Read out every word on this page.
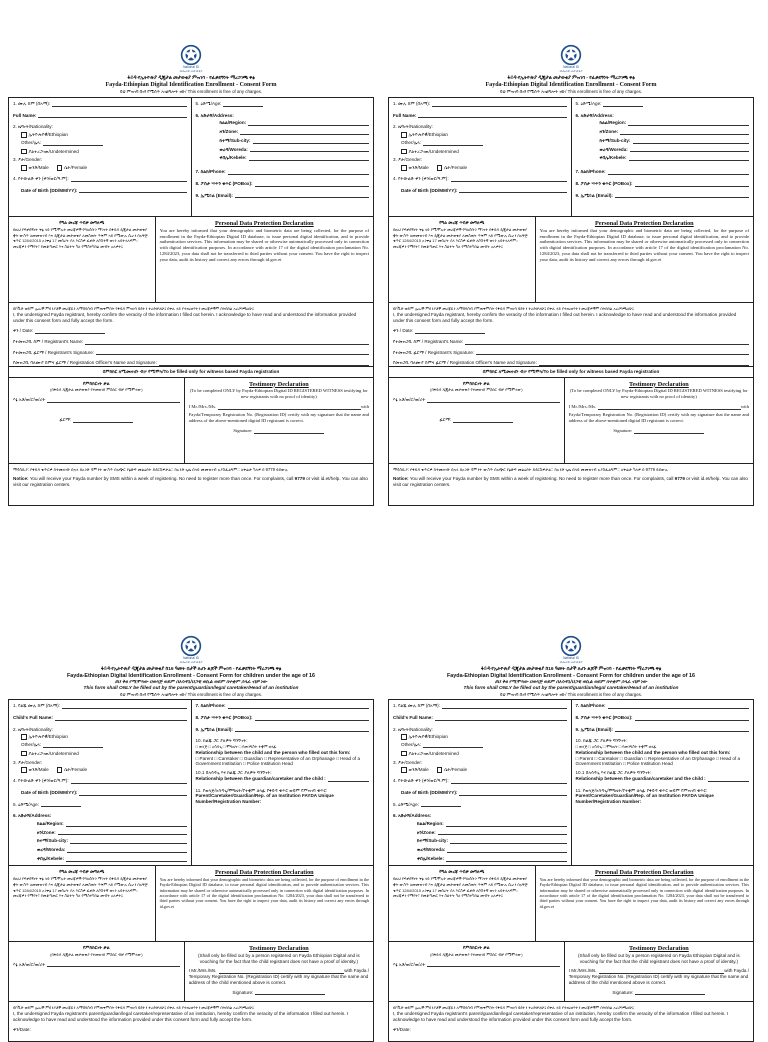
National ID
ብሔራዊ መታወቂያ
ፋይዳ-የኢትዮጵያ ዲጂታል መታወቂያ ምዝገባ - የፈቃደኝነት ማረጋገጫ ቅፅ
Fayda-Ethiopian Digital Identification Enrollment - Consent Form
ይህ ምዝገባ በነፃ የሚሰጥ አገልግሎት ነው/ This enrollment is free of any charges.
1. ሙሉ ስም (በአማ):
Full Name:
2. ዜግነት/Nationality:
ኢትዮጵያዊ/Ethiopian
Other/ሌላ:
ያልተረጋገጠ/Undetermined
3. ፆታ/Gender:
ወንድ/Male	ሴት/Female
4. የትውልድ ቀን (ቀን/ወር/ዓ.ም):
Date of Birth (DD/MM/YY):
5. ዕድሜ/Age:
6. አድራሻ/Address:
ክልል/Region:
ዞን/Zone:
ከተማ/Sub-city:
ወረዳ/Woreda:
ቀበሌ/Kebele:
7. ስልክ/Phone:
8. ፖስታ ሣጥን ቁጥር (POBox):
9. ኢሜይል (Email):
የግል መረጃ ጥበቃ መግለጫ
በዚህ የፍቃደኝነት ቅፅ ላይ የሚሞሉት መረጃዎች የግለሰቡን ማንነት በፋይዳ ዲጂታል መታወቂያ ቋት ውስጥ ለመመዝገብ እና ዲጂታል መታወቂያ ለመስጠት ጥቅም ላይ የሚውሉ ሲሆን በአዋጅ ቁጥር 1284/2015 አንቀፅ 17 መሰረት ያለ እርስዎ ፈቃድ ለሶስተኛ ወገን አይተላለፍም:: መረጃዎን የማየት፣ የመቆጣጠር እና ስህተት ካለ የማስተካከል መብት አለዎት፤
Personal Data Protection Declaration
You are hereby informed that your demographic and biometric data are being collected, for the purpose of enrollment in the Fayda-Ethiopian Digital ID database, to issue personal digital identification, and to provide authentication services. This information may be shared or otherwise automatically processed only in connection with digital identification purposes. In accordance with article 17 of the digital identification proclamation No. 1284/2023, your data shall not be transferred to third parties without your consent. You have the right to inspect your data, audit its history and correct any errors through id.gov.et
በኮቪድ ወይም ሌሎች ምክንያቶች መረጃዬን ለማሰባሰብ የምጠቀምበት የፋይዳ ምዝገባ ሂደትን ተረድቻለሁ፤ በቅፁ ላይ የተዘረዘሩትን መረጃዎችም በትክክል አረጋግጫለሁ፤
I, the undersigned Fayda registrant, hereby confirm the veracity of the information I filled out herein. I acknowledge to have read and understood the information provided under this consent form and fully accept the form.
ቀን / Date:
የተመዝጋቢ ስም / Registrant's Name:
የተመዝጋቢ ፊርማ / Registrant's Signature:
የመዝጋቢ ባለሙያ ስምና ፊርማ / Registration Officer's Name and Signature:
በምስክር ለሚመዘገቡ ብቻ የሚሞላ/To be filled only for witness based Fayda registration
የምስክርነት ቃል
(በፋይዳ ዲጂታል መታወቂያ የተመዘገበ ምስክር ብቻ የሚሞላው)
እኔ አቶ/ወ/ሮ/ወ/ሪት
ፊርማ:
Testimony Declaration
(To be completed ONLY by Fayda-Ethiopian Digital ID REGISTERED WITNESS testifying for new registrants with no proof of identity)
I Mr./Mrs./Ms.	with
Fayda/Temporary Registration No. (Registration ID) certify with my signature that the name and address of the above-mentioned digital ID registrant is correct.
Signature:
ማሳሰቢያ: የፋይዳ ቁጥርዎ ከተመዘገቡ በኋላ በአንድ ሳምንት ውስጥ በአጭር የፅሁፍ መልዕክት ይደርስዎታል:: ከአንድ ጊዜ በላይ መመዝገብ አያስፈልግም:: ለቅሬታ ካለዎ በ 9779 ይደውሉ
Notice: You will receive your Fayda number by SMS within a week of registering. No need to register more than once. For complaints, call 9779 or visit id.et/help. You can also visit our registration centers.
National ID
ብሔራዊ መታወቂያ
ፋይዳ-የኢትዮጵያ ዲጂታል መታወቂያ ምዝገባ - የፈቃደኝነት ማረጋገጫ ቅፅ
Fayda-Ethiopian Digital Identification Enrollment - Consent Form
ይህ ምዝገባ በነፃ የሚሰጥ አገልግሎት ነው/ This enrollment is free of any charges.
1. ሙሉ ስም (በአማ):
Full Name:
2. ዜግነት/Nationality:
ኢትዮጵያዊ/Ethiopian
Other/ሌላ:
ያልተረጋገጠ/Undetermined
3. ፆታ/Gender:
ወንድ/Male	ሴት/Female
4. የትውልድ ቀን (ቀን/ወር/ዓ.ም):
Date of Birth (DD/MM/YY):
5. ዕድሜ/Age:
6. አድራሻ/Address:
ክልል/Region:
ዞን/Zone:
ከተማ/Sub-city:
ወረዳ/Woreda:
ቀበሌ/Kebele:
7. ስልክ/Phone:
8. ፖስታ ሣጥን ቁጥር (POBox):
9. ኢሜይል (Email):
የግል መረጃ ጥበቃ መግለጫ
በዚህ የፍቃደኝነት ቅፅ ላይ የሚሞሉት መረጃዎች የግለሰቡን ማንነት በፋይዳ ዲጂታል መታወቂያ ቋት ውስጥ ለመመዝገብ እና ዲጂታል መታወቂያ ለመስጠት ጥቅም ላይ የሚውሉ ሲሆን በአዋጅ ቁጥር 1284/2015 አንቀፅ 17 መሰረት ያለ እርስዎ ፈቃድ ለሶስተኛ ወገን አይተላለፍም:: መረጃዎን የማየት፣ የመቆጣጠር እና ስህተት ካለ የማስተካከል መብት አለዎት፤
Personal Data Protection Declaration
You are hereby informed that your demographic and biometric data are being collected, for the purpose of enrollment in the Fayda-Ethiopian Digital ID database, to issue personal digital identification, and to provide authentication services. This information may be shared or otherwise automatically processed only in connection with digital identification purposes. In accordance with article 17 of the digital identification proclamation No. 1284/2023, your data shall not be transferred to third parties without your consent. You have the right to inspect your data, audit its history and correct any errors through id.gov.et
በኮቪድ ወይም ሌሎች ምክንያቶች መረጃዬን ለማሰባሰብ የምጠቀምበት የፋይዳ ምዝገባ ሂደትን ተረድቻለሁ፤ በቅፁ ላይ የተዘረዘሩትን መረጃዎችም በትክክል አረጋግጫለሁ፤
I, the undersigned Fayda registrant, hereby confirm the veracity of the information I filled out herein. I acknowledge to have read and understood the information provided under this consent form and fully accept the form.
ቀን / Date:
የተመዝጋቢ ስም / Registrant's Name:
የተመዝጋቢ ፊርማ / Registrant's Signature:
የመዝጋቢ ባለሙያ ስምና ፊርማ / Registration Officer's Name and Signature:
በምስክር ለሚመዘገቡ ብቻ የሚሞላ/To be filled only for witness based Fayda registration
የምስክርነት ቃል
(በፋይዳ ዲጂታል መታወቂያ የተመዘገበ ምስክር ብቻ የሚሞላው)
እኔ አቶ/ወ/ሮ/ወ/ሪት
ፊርማ:
Testimony Declaration
(To be completed ONLY by Fayda-Ethiopian Digital ID REGISTERED WITNESS testifying for new registrants with no proof of identity)
I Mr./Mrs./Ms.	with
Fayda/Temporary Registration No. (Registration ID) certify with my signature that the name and address of the above-mentioned digital ID registrant is correct.
Signature:
ማሳሰቢያ: የፋይዳ ቁጥርዎ ከተመዘገቡ በኋላ በአንድ ሳምንት ውስጥ በአጭር የፅሁፍ መልዕክት ይደርስዎታል:: ከአንድ ጊዜ በላይ መመዝገብ አያስፈልግም:: ለቅሬታ ካለዎ በ 9779 ይደውሉ
Notice: You will receive your Fayda number by SMS within a week of registering. No need to register more than once. For complaints, call 9779 or visit id.et/help. You can also visit our registration centers.
National ID
ብሔራዊ መታወቂያ
ፋይዳ-የኢትዮጵያ ዲጂታል መታወቂያ ከ16 ዓመት በታች ለሆኑ ልጆች ምዝገባ - የፈቃደኝነት ማረጋገጫ ቅፅ
Fayda-Ethiopian Digital Identification Enrollment - Consent Form for children under the age of 16
ይህ ቅፅ የሚሞላው በወላጅ ወይም በአሳዳጊ/ህጋዊ ወኪል ወይም በተቋም ኃላፊ ብቻ ነው
This form shall ONLY be filled out by the parent/guardian/legal caretaker/Head of an institution
ይህ ምዝገባ በነፃ የሚሰጥ አገልግሎት ነው/ This enrollment is free of any charges.
1. የልጁ ሙሉ ስም (በአማ):
Child's Full Name:
2. ዜግነት/Nationality:
ኢትዮጵያዊ/Ethiopian
Other/ሌላ:
ያልተረጋገጠ/Undetermined
3. ፆታ/Gender:
ወንድ/Male	ሴት/Female
4. የትውልድ ቀን (ቀን/ወር/ዓ.ም):
Date of Birth (DD/MM/YY):
5. ዕድሜ/Age:
6. አድራሻ/Address:
ክልል/Region:
ዞን/Zone:
ከተማ/Sub-city:
ወረዳ/Woreda:
ቀበሌ/Kebele:
7. ስልክ/Phone:
8. ፖስታ ሣጥን ቁጥር (POBox):
9. ኢሜይል (Email):
10. ከልጁ ጋር ያለዎት ግንኙነት:
□ ወላጅ □ አሳዳጊ □ ሞግዚት □ የመንግስት ተቋም ኃላፊ
Relationship between the child and the person who filled out this form:
□ Parent □ Caretaker □ Guardian □ Representative of an Orphanage □ Head of a Government Institution □ Police Institution Head
10.1 በአሳዳጊ እና ከልጁ ጋር ያለዎት ግንኙነት:
Relationship between the guardian/caretaker and the child :
11. የወላጅ/አሳዳጊ/ሞግዚት/የተቋም ኃላፊ የፋይዳ ቁጥር ወይም የምዝገባ ቁጥር:
Parent/Caretaker/Guardian/Rep. of an Institution FAYDA Unique Number/Registration Number:
የግል መረጃ ጥበቃ መግለጫ
በዚህ የፍቃደኝነት ቅፅ ላይ የሚሞሉት መረጃዎች የግለሰቡን ማንነት በፋይዳ ዲጂታል መታወቂያ ቋት ውስጥ ለመመዝገብ እና ዲጂታል መታወቂያ ለመስጠት ጥቅም ላይ የሚውሉ ሲሆን በአዋጅ ቁጥር 1284/2015 አንቀፅ 17 መሰረት ያለ እርስዎ ፈቃድ ለሶስተኛ ወገን አይተላለፍም:: መረጃዎን የማየት፣ የመቆጣጠር እና ስህተት ካለ የማስተካከል መብት አለዎት፤
Personal Data Protection Declaration
You are hereby informed that your demographic and biometric data are being collected, for the purpose of enrollment in the Fayda-Ethiopian Digital ID database, to issue personal digital identification, and to provide authentication services. This information may be shared or otherwise automatically processed only in connection with digital identification purposes. In accordance with article 17 of the digital identification proclamation No. 1284/2023, your data shall not be transferred to third parties without your consent. You have the right to inspect your data, audit its history and correct any errors through id.gov.et
የምስክርነት ቃል
(በፋይዳ ዲጂታል መታወቂያ የተመዘገበ ምስክር ብቻ የሚሞላው)
እኔ አቶ/ወ/ሮ/ወ/ሪት
Testimony Declaration
(Shall only be filled out by a person registered on Fayda Ethiopian Digital and is vouching for the fact that the child registrant does not have a proof of identity.)
I Mr./Mrs./Ms.	with Fayda /
Temporary Registration No. (Registration ID) certify with my signature that the name and address of the child mentioned above is correct.
Signature:
በኮቪድ ወይም ሌሎች ምክንያቶች መረጃዬን ለማሰባሰብ የምጠቀምበት የፋይዳ ምዝገባ ሂደትን ተረድቻለሁ፤ በቅፁ ላይ የተዘረዘሩትን መረጃዎችም በትክክል አረጋግጫለሁ፤
I, the undersigned Fayda registrant's parent/guardian/legal caretaker/representative of an institution, hereby confirm the veracity of the information I filled out herein. I acknowledge to have read and understood the information provided under this consent form and fully accept the form.
ቀን/Date:
National ID
ብሔራዊ መታወቂያ
ፋይዳ-የኢትዮጵያ ዲጂታል መታወቂያ ከ16 ዓመት በታች ለሆኑ ልጆች ምዝገባ - የፈቃደኝነት ማረጋገጫ ቅፅ
Fayda-Ethiopian Digital Identification Enrollment - Consent Form for children under the age of 16
ይህ ቅፅ የሚሞላው በወላጅ ወይም በአሳዳጊ/ህጋዊ ወኪል ወይም በተቋም ኃላፊ ብቻ ነው
This form shall ONLY be filled out by the parent/guardian/legal caretaker/Head of an institution
ይህ ምዝገባ በነፃ የሚሰጥ አገልግሎት ነው/ This enrollment is free of any charges.
1. የልጁ ሙሉ ስም (በአማ):
Child's Full Name:
2. ዜግነት/Nationality:
ኢትዮጵያዊ/Ethiopian
Other/ሌላ:
ያልተረጋገጠ/Undetermined
3. ፆታ/Gender:
ወንድ/Male	ሴት/Female
4. የትውልድ ቀን (ቀን/ወር/ዓ.ም):
Date of Birth (DD/MM/YY):
5. ዕድሜ/Age:
6. አድራሻ/Address:
ክልል/Region:
ዞን/Zone:
ከተማ/Sub-city:
ወረዳ/Woreda:
ቀበሌ/Kebele:
7. ስልክ/Phone:
8. ፖስታ ሣጥን ቁጥር (POBox):
9. ኢሜይል (Email):
10. ከልጁ ጋር ያለዎት ግንኙነት:
□ ወላጅ □ አሳዳጊ □ ሞግዚት □ የመንግስት ተቋም ኃላፊ
Relationship between the child and the person who filled out this form:
□ Parent □ Caretaker □ Guardian □ Representative of an Orphanage □ Head of a Government Institution □ Police Institution Head
10.1 በአሳዳጊ እና ከልጁ ጋር ያለዎት ግንኙነት:
Relationship between the guardian/caretaker and the child :
11. የወላጅ/አሳዳጊ/ሞግዚት/የተቋም ኃላፊ የፋይዳ ቁጥር ወይም የምዝገባ ቁጥር:
Parent/Caretaker/Guardian/Rep. of an Institution FAYDA Unique Number/Registration Number:
የግል መረጃ ጥበቃ መግለጫ
በዚህ የፍቃደኝነት ቅፅ ላይ የሚሞሉት መረጃዎች የግለሰቡን ማንነት በፋይዳ ዲጂታል መታወቂያ ቋት ውስጥ ለመመዝገብ እና ዲጂታል መታወቂያ ለመስጠት ጥቅም ላይ የሚውሉ ሲሆን በአዋጅ ቁጥር 1284/2015 አንቀፅ 17 መሰረት ያለ እርስዎ ፈቃድ ለሶስተኛ ወገን አይተላለፍም:: መረጃዎን የማየት፣ የመቆጣጠር እና ስህተት ካለ የማስተካከል መብት አለዎት፤
Personal Data Protection Declaration
You are hereby informed that your demographic and biometric data are being collected, for the purpose of enrollment in the Fayda-Ethiopian Digital ID database, to issue personal digital identification, and to provide authentication services. This information may be shared or otherwise automatically processed only in connection with digital identification purposes. In accordance with article 17 of the digital identification proclamation No. 1284/2023, your data shall not be transferred to third parties without your consent. You have the right to inspect your data, audit its history and correct any errors through id.gov.et
የምስክርነት ቃል
(በፋይዳ ዲጂታል መታወቂያ የተመዘገበ ምስክር ብቻ የሚሞላው)
እኔ አቶ/ወ/ሮ/ወ/ሪት
Testimony Declaration
(Shall only be filled out by a person registered on Fayda Ethiopian Digital and is vouching for the fact that the child registrant does not have a proof of identity.)
I Mr./Mrs./Ms.	with Fayda /
Temporary Registration No. (Registration ID) certify with my signature that the name and address of the child mentioned above is correct.
Signature:
በኮቪድ ወይም ሌሎች ምክንያቶች መረጃዬን ለማሰባሰብ የምጠቀምበት የፋይዳ ምዝገባ ሂደትን ተረድቻለሁ፤ በቅፁ ላይ የተዘረዘሩትን መረጃዎችም በትክክል አረጋግጫለሁ፤
I, the undersigned Fayda registrant's parent/guardian/legal caretaker/representative of an institution, hereby confirm the veracity of the information I filled out herein. I acknowledge to have read and understood the information provided under this consent form and fully accept the form.
ቀን/Date:
